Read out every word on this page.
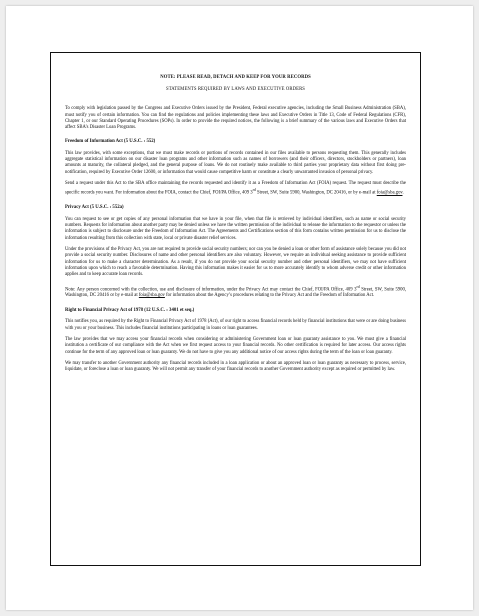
NOTE: PLEASE READ, DETACH AND KEEP FOR YOUR RECORDS
STATEMENTS REQUIRED BY LAWS AND EXECUTIVE ORDERS

To comply with legislation passed by the Congress and Executive Orders issued by the President, Federal executive agencies, including the Small Business Administration (SBA), must notify you of certain information. You can find the regulations and policies implementing these laws and Executive Orders in Title 13, Code of Federal Regulations (CFR), Chapter 1, or our Standard Operating Procedures (SOPs). In order to provide the required notices, the following is a brief summary of the various laws and Executive Orders that affect SBA’s Disaster Loan Programs.

Freedom of Information Act (5 U.S.C. › 552)

This law provides, with some exceptions, that we must make records or portions of records contained in our files available to persons requesting them. This generally includes aggregate statistical information on our disaster loan programs and other information such as names of borrowers (and their officers, directors, stockholders or partners), loan amounts at maturity, the collateral pledged, and the general purpose of loans. We do not routinely make available to third parties your proprietary data without first doing pre-notification, required by Executive Order 12600, or information that would cause competitive harm or constitute a clearly unwarranted invasion of personal privacy.

Send a request under this Act to the SBA office maintaining the records requested and identify it as a Freedom of Information Act (FOIA) request. The request must describe the specific records you want. For information about the FOIA, contact the Chief, FOI/PA Office, 409 3rd Street, SW, Suite 5900, Washington, DC 20416, or by e-mail at foia@sba.gov.

Privacy Act (5 U.S.C. › 552a)

You can request to see or get copies of any personal information that we have in your file, when that file is retrieved by individual identifiers, such as name or social security numbers. Requests for information about another party may be denied unless we have the written permission of the individual to release the information to the requestor or unless the information is subject to disclosure under the Freedom of Information Act. The Agreements and Certifications section of this form contains written permission for us to disclose the information resulting from this collection with state, local or private disaster relief services.

Under the provisions of the Privacy Act, you are not required to provide social security numbers; nor can you be denied a loan or other form of assistance solely because you did not provide a social security number. Disclosures of name and other personal identifiers are also voluntary. However, we require an individual seeking assistance to provide sufficient information for us to make a character determination. As a result, if you do not provide your social security number and other personal identifiers, we may not have sufficient information upon which to reach a favorable determination. Having this information makes it easier for us to more accurately identify to whom adverse credit or other information applies and to keep accurate loan records.

Note: Any person concerned with the collection, use and disclosure of information, under the Privacy Act may contact the Chief, FOI/PA Office, 409 3rd Street, SW, Suite 5900, Washington, DC 20416 or by e-mail at foia@sba.gov for information about the Agency’s procedures relating to the Privacy Act and the Freedom of Information Act.

Right to Financial Privacy Act of 1978 (12 U.S.C. › 3401 et seq.)

This notifies you, as required by the Right to Financial Privacy Act of 1978 (Act), of our right to access financial records held by financial institutions that were or are doing business with you or your business. This includes financial institutions participating in loans or loan guarantees.

The law provides that we may access your financial records when considering or administering Government loan or loan guaranty assistance to you. We must give a financial institution a certificate of our compliance with the Act when we first request access to your financial records. No other certification is required for later access. Our access rights continue for the term of any approved loan or loan guaranty. We do not have to give you any additional notice of our access rights during the term of the loan or loan guaranty.

We may transfer to another Government authority any financial records included in a loan application or about an approved loan or loan guaranty as necessary to process, service, liquidate, or foreclose a loan or loan guaranty. We will not permit any transfer of your financial records to another Government authority except as required or permitted by law.
